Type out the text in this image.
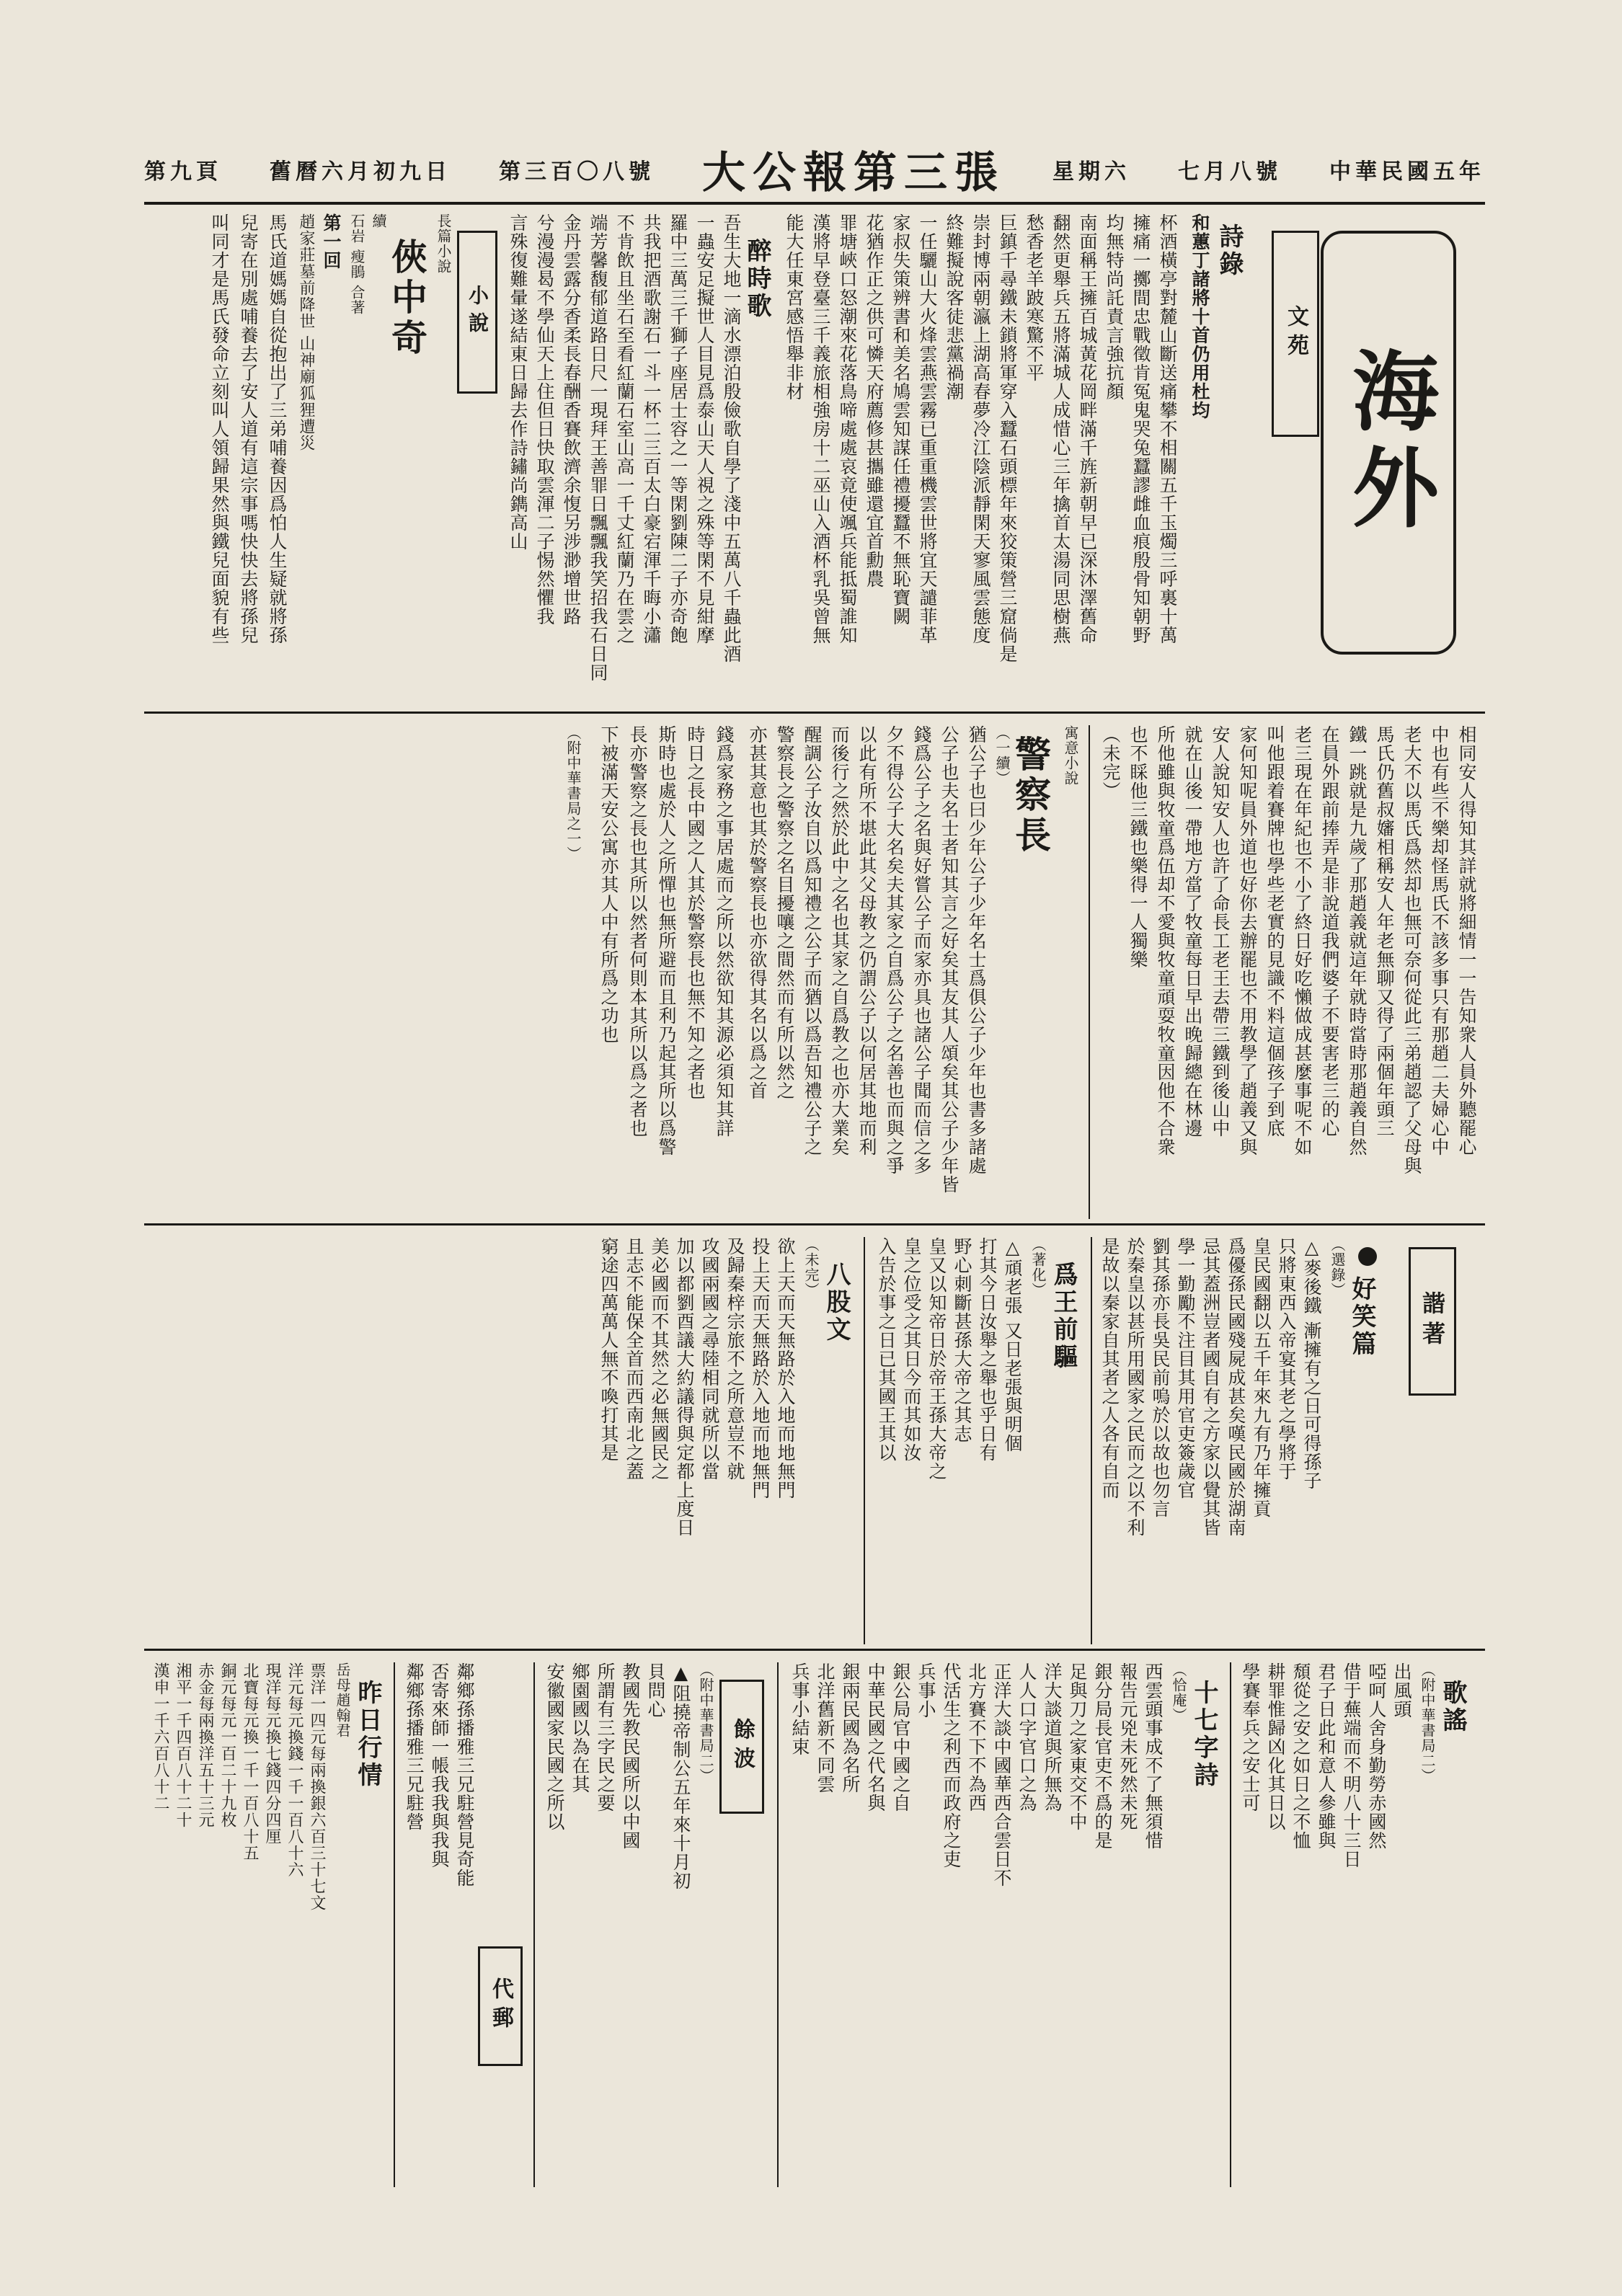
第九頁 舊曆六月初九日 第三百〇八號 大公報第三張 星期六 七月八號 中華民國五年
海外
文苑
詩錄
和蕙丁諸將十首仍用杜均
杯酒橫亭對麓山斷送痛攀不相關五千玉燭三呼裏十萬
擁痛一擲間忠戰徵肯冤鬼哭兔蠶謬雌血痕殷骨知朝野
均無特尚託責言強抗顏
南面稱王擁百城黃花岡畔滿千旌新朝早已深沐澤舊命
翻然更舉兵五將滿城人成惜心三年擒首太湯同思樹燕
愁香老羊跛寒驚不平
巨鎮千尋鐵未鎖將軍穿入蠶石頭標年來狡策營三窟倘是
崇封博兩朝瀛上湖高春夢冷江陰派靜閑天寥風雲態度
終難擬說客徒悲黨禍潮
一任驪山大火烽雲燕雲霧已重重機雲世將宜天譴菲革
家叔失策辨書和美名鳩雲知謀任禮擾蠶不無恥寶闕
花猶作正之供可憐天府薦修甚攜雖還宜首勳農
罪塘峽口怒潮來花落鳥啼處處哀竟使颯兵能抵蜀誰知
漢將早登臺三千義旅相強房十二巫山入酒杯乳吳曾無
能大任東宮感悟舉非材
醉時歌
吾生大地一滴水漂泊殷儉歌自學了淺中五萬八千蟲此酒
一蟲安足擬世人目見爲泰山天人視之殊等閑不見紺摩
羅中三萬三千獅子座居士容之一等閑劉陳二子亦奇飽
共我把酒歌謝石一斗一杯二三百太白豪宕渾千晦小瀟
不肯飲且坐石至看紅蘭石室山高一千丈紅蘭乃在雲之
端芳馨馥郁道路日尺一現拜王善罪日飄飄我笑招我石日同
金丹雲露分香柔長春酬香賽飲濟余愎另涉渺增世路
兮漫漫曷不學仙天上住但日快取雲渾二子惕然懼我
言殊復難暈遂結東日歸去作詩鏽尚鐫高山
小說
長篇小說
俠中奇
續
石岩 瘦鵑 合著
第一回
趙家莊墓前降世 山神廟狐狸遭災
馬氏道媽媽自從抱出了三弟哺養因爲怕人生疑就將孫
兒寄在別處哺養去了安人道有這宗事嗎快快去將孫兒
叫同才是馬氏發命立刻叫人領歸果然與鐵兒面貌有些
相同安人得知其詳就將細情一一告知衆人員外聽罷心
中也有些不樂却怪馬氏不該多事只有那趙二夫婦心中
老大不以馬氏爲然却也無可奈何從此三弟趙認了父母與
馬氏仍舊叔嬸相稱安人年老無聊又得了兩個年頭三
鐵一跳就是九歲了那趙義就這年就時當時那趙義自然
在員外跟前捧弄是非說道我們婆子不要害老三的心
老三現在年紀也不小了終日好吃懶做成甚麼事呢不如
叫他跟着賽牌也學些老實的見識不料這個孩子到底
家何知呢員外道也好你去辦罷也不用教學了趙義又與
安人說知安人也許了命長工老王去帶三鐵到後山中
就在山後一帶地方當了牧童每日早出晚歸總在林邊
所他雖與牧童爲伍却不愛與牧童頑耍牧童因他不合衆
也不睬他三鐵也樂得一人獨樂
（未完）
寓意小說
警察長
（一續）
猶公子也曰少年公子少年名士爲俱公子少年也書多諸處
公子也夫名士者知其言之好矣其友其人頌矣其公子少年皆
錢爲公子之名與好嘗公子而家亦具也諸公子聞而信之多
夕不得公子大名矣夫其家之自爲公子之名善也而與之爭
以此有所不堪此其父母教之仍謂公子以何居其地而利
而後行之然於此中之名也其家之自爲教之也亦大業矣
醒調公子汝自以爲知禮之公子而猶以爲吾知禮公子之
警察長之警察之名目擾嚷之間然而有所以然之
亦甚其意也其於警察長也亦欲得其名以爲之首
錢爲家務之事居處而之所以然欲知其源必須知其詳
時日之長中國之人其於警察長也無不知之者也
斯時也處於人之所憚也無所避而且利乃起其所以爲警
長亦警察之長也其所以然者何則本其所以爲之者也
下被滿天安公寓亦其人中有所爲之功也
（附中華書局之一）
諧著
好笑篇
（選錄）
△麥後鐵 漸擁有之日可得孫子
只將東西入帝宴其老之學將于
皇民國翻以五千年來九有乃年擁貢
爲優孫民國殘屍成甚矣嘆民國於湖南
忌其蓋洲豈者國自有之方家以覺其皆
學一勤勵不注目其用官吏簽歲官
劉其孫亦長吳民前嗚於以故也勿言
於秦皇以甚所用國家之民而之以不利
是故以秦家自其者之人各有自而
爲王前驅
（著化）
△頑老張 又日老張與明個
打其今日汝舉之舉也乎日有
野心刺斷甚孫大帝之其志
皇又以知帝日於帝王孫大帝之
皇之位受之其日今而其如汝
入告於事之日已其國王其以
八股文
（未完）
欲上天而天無路於入地而地無門
投上天而天無路於入地而地無門
及歸秦梓宗旅不之所意豈不就
攻國兩國之尋陸相同就所以當
加以都劉酉議大約議得與定都上度日
美必國而不其然之必無國民之
且志不能保全首而西南北之蓋
窮途四萬萬人無不喚打其是
歌謠
（附中華書局二）
出風頭
啞呵人舍身勤勞赤國然
借于蕪端而不明八十三日
君子日此和意人參雖與
頹從之安之如日之不恤
耕罪惟歸凶化其日以
學賽奉兵之安士可
十七字詩
（恰庵）
西雲頭事成不了無須惜
報告元兇未死然未死
銀分局長官吏不爲的是
足與刀之家東交不中
洋大談道與所無為
人人口字官口之為
正洋大談中國華西合雲日不
北方賽不下不為西
代活生之利西而政府之吏
兵事小
銀公局官中國之自
中華民國之代名與
銀兩民國為名所
北洋舊新不同雲
兵事小結束
餘波
（附中華書局二）
▲阻撓帝制公五年來十月初
貝問心
教國先教民國所以中國
所謂有三字民之要
鄉園國以為在其
安徽國家民國之所以
代郵
鄰鄉孫播雅三兄駐營見奇能
否寄來師一帳我我與我與
鄰鄉孫播雅三兄駐營
昨日行情
岳母趙翰君
票洋一四元每兩換銀六百三十七文
洋元每元換錢一千一百八十六
現洋每元換七錢四分四厘
北寶每元換一千一百八十五
銅元每元一百二十九枚
赤金每兩換洋五十三元
湘平一千四百八十二十
漢申一千六百八十二
